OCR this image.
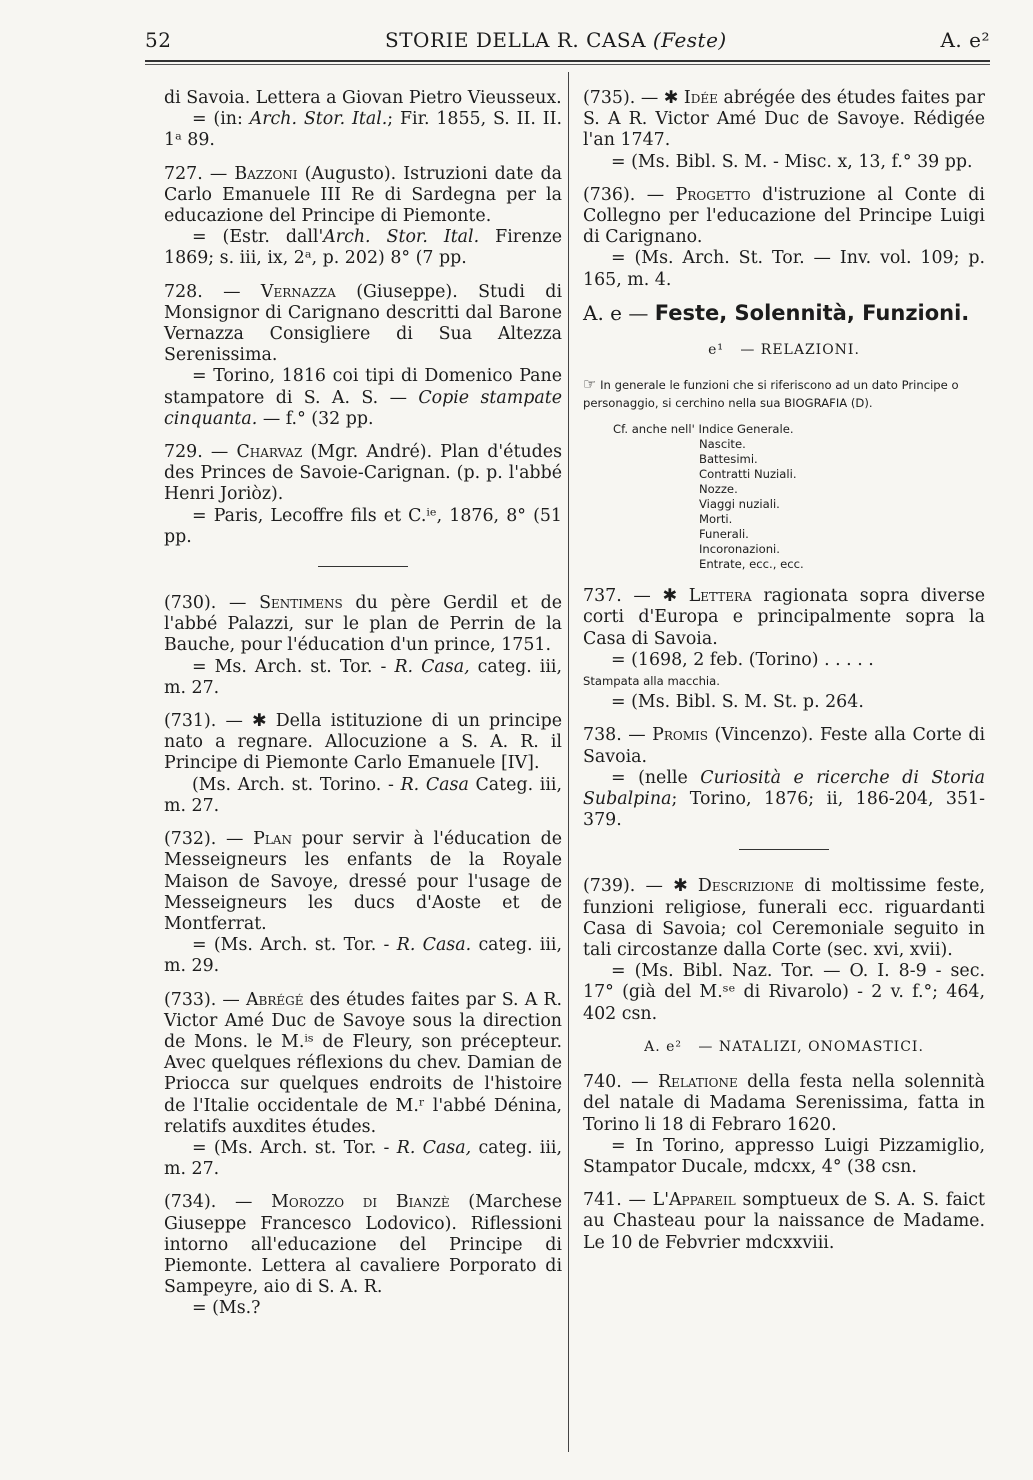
52	STORIE DELLA R. CASA (Feste)	A. e²

di Savoia. Lettera a Giovan Pietro Vieusseux.

= (in: Arch. Stor. Ital.; Fir. 1855, S. II. II. 1ᵃ 89.

727. — Bazzoni (Augusto). Istruzioni date da Carlo Emanuele III Re di Sardegna per la educazione del Principe di Piemonte.

= (Estr. dall'Arch. Stor. Ital. Firenze 1869; s. iii, ix, 2ᵃ, p. 202) 8° (7 pp.

728. — Vernazza (Giuseppe). Studi di Monsignor di Carignano descritti dal Barone Vernazza Consigliere di Sua Altezza Serenissima.

= Torino, 1816 coi tipi di Domenico Pane stampatore di S. A. S. — Copie stampate cinquanta. — f.° (32 pp.

729. — Charvaz (Mgr. André). Plan d'études des Princes de Savoie-Carignan. (p. p. l'abbé Henri Joriòz).

= Paris, Lecoffre fils et C.ⁱᵉ, 1876, 8° (51 pp.

(730). — Sentimens du père Gerdil et de l'abbé Palazzi, sur le plan de Perrin de la Bauche, pour l'éducation d'un prince, 1751.

= Ms. Arch. st. Tor. - R. Casa, categ. iii, m. 27.

(731). — ✱ Della istituzione di un principe nato a regnare. Allocuzione a S. A. R. il Principe di Piemonte Carlo Emanuele [IV].

(Ms. Arch. st. Torino. - R. Casa Categ. iii, m. 27.

(732). — Plan pour servir à l'éducation de Messeigneurs les enfants de la Royale Maison de Savoye, dressé pour l'usage de Messeigneurs les ducs d'Aoste et de Montferrat.

= (Ms. Arch. st. Tor. - R. Casa. categ. iii, m. 29.

(733). — Abrégé des études faites par S. A R. Victor Amé Duc de Savoye sous la direction de Mons. le M.ⁱˢ de Fleury, son précepteur. Avec quelques réflexions du chev. Damian de Priocca sur quelques endroits de l'histoire de l'Italie occidentale de M.ʳ l'abbé Dénina, relatifs auxdites études.

= (Ms. Arch. st. Tor. - R. Casa, categ. iii, m. 27.

(734). — Morozzo di Bianzè (Marchese Giuseppe Francesco Lodovico). Riflessioni intorno all'educazione del Principe di Piemonte. Lettera al cavaliere Porporato di Sampeyre, aio di S. A. R.

= (Ms.?

(735). — ✱ Idée abrégée des études faites par S. A R. Victor Amé Duc de Savoye. Rédigée l'an 1747.

= (Ms. Bibl. S. M. - Misc. x, 13, f.° 39 pp.

(736). — Progetto d'istruzione al Conte di Collegno per l'educazione del Principe Luigi di Carignano.

= (Ms. Arch. St. Tor. — Inv. vol. 109; p. 165, m. 4.

A. e — Feste, Solennità, Funzioni.
e¹ — RELAZIONI.

☞ In generale le funzioni che si riferiscono ad un dato Principe o personaggio, si cerchino nella sua BIOGRAFIA (D).

Cf. anche nell' Indice Generale.
Nascite.
Battesimi.
Contratti Nuziali.
Nozze.
Viaggi nuziali.
Morti.
Funerali.
Incoronazioni.
Entrate, ecc., ecc.

737. — ✱ Lettera ragionata sopra diverse corti d'Europa e principalmente sopra la Casa di Savoia.

= (1698, 2 feb. (Torino) . . . . .

Stampata alla macchia.

= (Ms. Bibl. S. M. St. p. 264.

738. — Promis (Vincenzo). Feste alla Corte di Savoia.

= (nelle Curiosità e ricerche di Storia Subalpina; Torino, 1876; ii, 186-204, 351-379.

(739). — ✱ Descrizione di moltissime feste, funzioni religiose, funerali ecc. riguardanti Casa di Savoia; col Ceremoniale seguito in tali circostanze dalla Corte (sec. xvi, xvii).

= (Ms. Bibl. Naz. Tor. — O. I. 8-9 - sec. 17° (già del M.ˢᵉ di Rivarolo) - 2 v. f.°; 464, 402 csn.

A. e² — NATALIZI, ONOMASTICI.

740. — Relatione della festa nella solennità del natale di Madama Serenissima, fatta in Torino li 18 di Febraro 1620.

= In Torino, appresso Luigi Pizzamiglio, Stampator Ducale, mdcxx, 4° (38 csn.

741. — L'Appareil somptueux de S. A. S. faict au Chasteau pour la naissance de Madame. Le 10 de Febvrier mdcxxviii.
